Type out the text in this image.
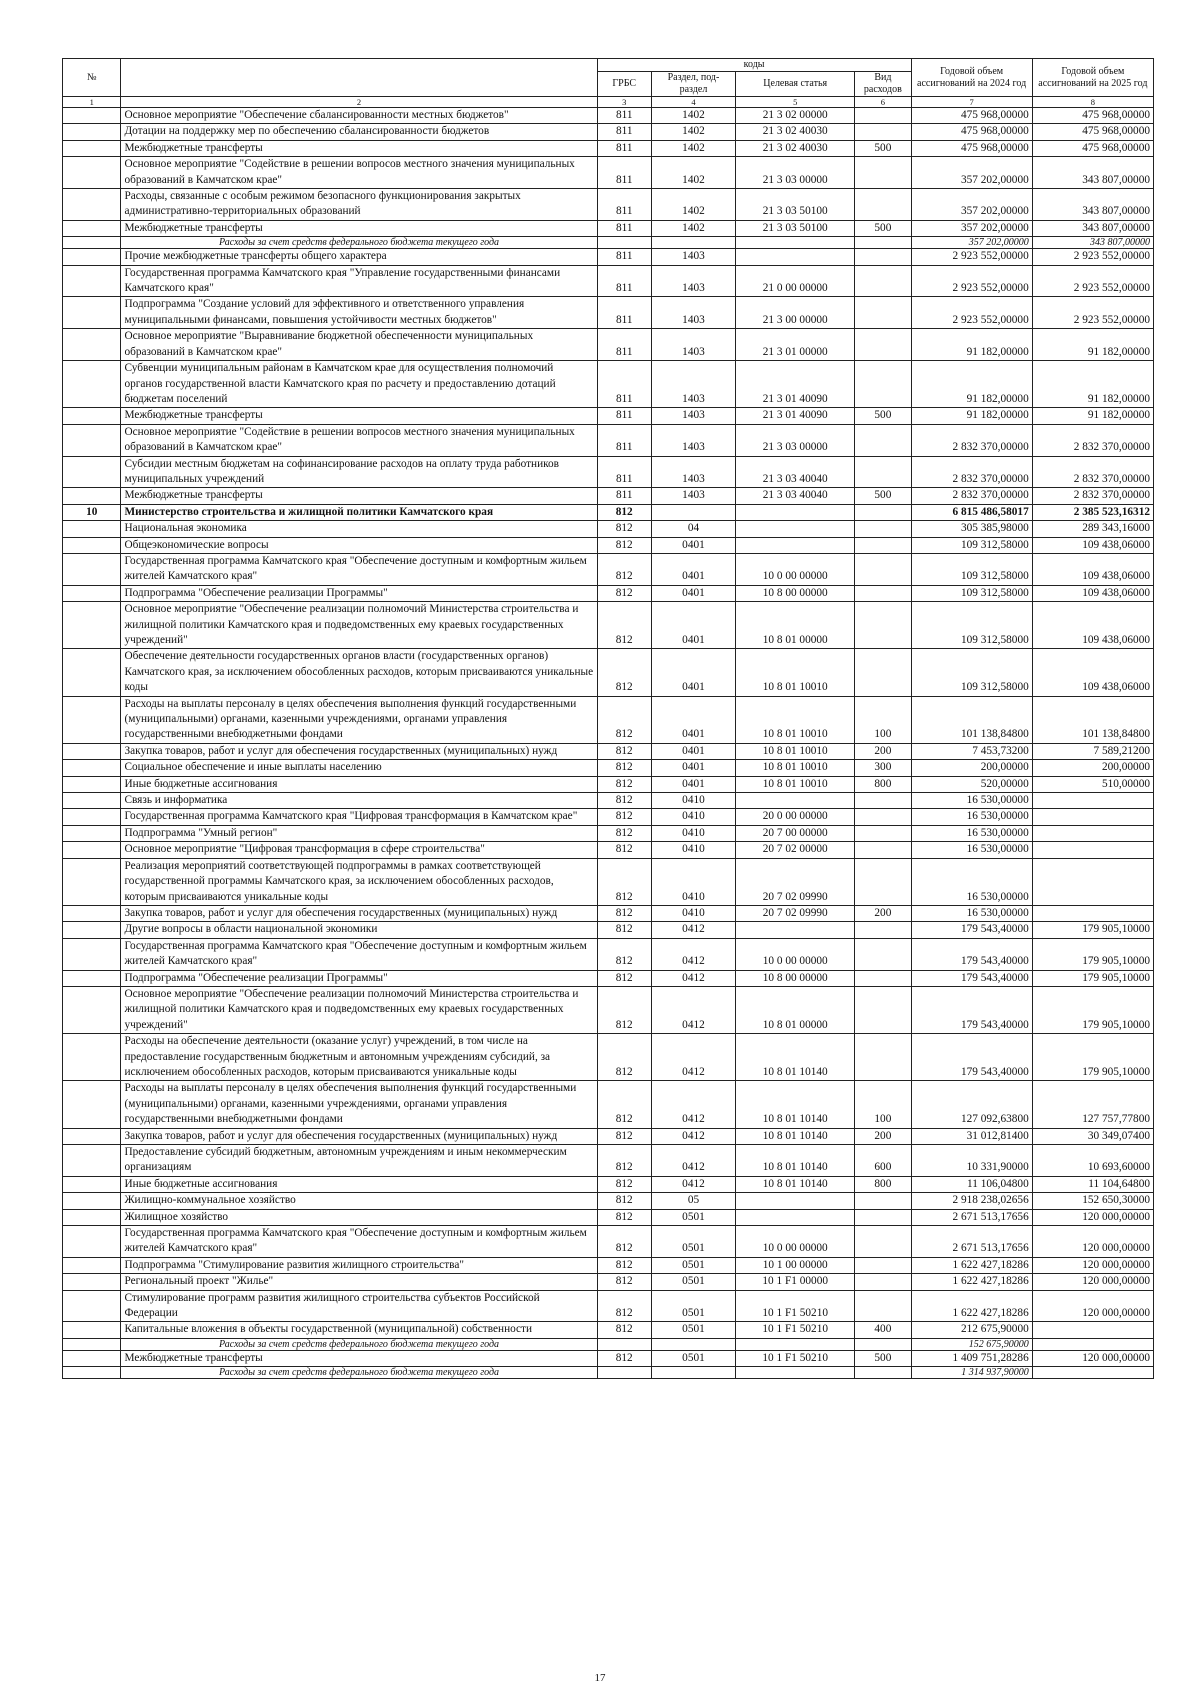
№		коды				Годовой объем ассигнований на 2024 год	Годовой объем ассигнований на 2025 год
		ГРБС	Раздел, под-раздел	Целевая статья	Вид расходов		
1	2	3	4	5	6	7	8
	Основное мероприятие "Обеспечение сбалансированности местных бюджетов"	811	1402	21 3 02 00000		475 968,00000	475 968,00000
	Дотации на поддержку мер по обеспечению сбалансированности бюджетов	811	1402	21 3 02 40030		475 968,00000	475 968,00000
	Межбюджетные трансферты	811	1402	21 3 02 40030	500	475 968,00000	475 968,00000
	Основное мероприятие "Содействие в решении вопросов местного значения муниципальных образований в Камчатском крае"	811	1402	21 3 03 00000		357 202,00000	343 807,00000
	Расходы, связанные с особым режимом безопасного функционирования закрытых административно-территориальных образований	811	1402	21 3 03 50100		357 202,00000	343 807,00000
	Межбюджетные трансферты	811	1402	21 3 03 50100	500	357 202,00000	343 807,00000
	Расходы за счет средств федерального бюджета текущего года					357 202,00000	343 807,00000
	Прочие межбюджетные трансферты общего характера	811	1403			2 923 552,00000	2 923 552,00000
	Государственная программа Камчатского края "Управление государственными финансами Камчатского края"	811	1403	21 0 00 00000		2 923 552,00000	2 923 552,00000
	Подпрограмма "Создание условий для эффективного и ответственного управления муниципальными финансами, повышения устойчивости местных бюджетов"	811	1403	21 3 00 00000		2 923 552,00000	2 923 552,00000
	Основное мероприятие "Выравнивание бюджетной обеспеченности муниципальных образований в Камчатском крае"	811	1403	21 3 01 00000		91 182,00000	91 182,00000
	Субвенции муниципальным районам в Камчатском крае для осуществления полномочий органов государственной власти Камчатского края по расчету и предоставлению дотаций бюджетам поселений	811	1403	21 3 01 40090		91 182,00000	91 182,00000
	Межбюджетные трансферты	811	1403	21 3 01 40090	500	91 182,00000	91 182,00000
	Основное мероприятие "Содействие в решении вопросов местного значения муниципальных образований в Камчатском крае"	811	1403	21 3 03 00000		2 832 370,00000	2 832 370,00000
	Субсидии местным бюджетам на софинансирование расходов на оплату труда работников муниципальных учреждений	811	1403	21 3 03 40040		2 832 370,00000	2 832 370,00000
	Межбюджетные трансферты	811	1403	21 3 03 40040	500	2 832 370,00000	2 832 370,00000
10	Министерство строительства и жилищной политики Камчатского края	812				6 815 486,58017	2 385 523,16312
	Национальная экономика	812	04			305 385,98000	289 343,16000
	Общеэкономические вопросы	812	0401			109 312,58000	109 438,06000
	Государственная программа Камчатского края "Обеспечение доступным и комфортным жильем жителей Камчатского края"	812	0401	10 0 00 00000		109 312,58000	109 438,06000
	Подпрограмма "Обеспечение реализации Программы"	812	0401	10 8 00 00000		109 312,58000	109 438,06000
	Основное мероприятие "Обеспечение реализации полномочий Министерства строительства и жилищной политики Камчатского края и подведомственных ему краевых государственных учреждений"	812	0401	10 8 01 00000		109 312,58000	109 438,06000
	Обеспечение деятельности государственных органов власти (государственных органов) Камчатского края, за исключением обособленных расходов, которым присваиваются уникальные коды	812	0401	10 8 01 10010		109 312,58000	109 438,06000
	Расходы на выплаты персоналу в целях обеспечения выполнения функций государственными (муниципальными) органами, казенными учреждениями, органами управления государственными внебюджетными фондами	812	0401	10 8 01 10010	100	101 138,84800	101 138,84800
	Закупка товаров, работ и услуг для обеспечения государственных (муниципальных) нужд	812	0401	10 8 01 10010	200	7 453,73200	7 589,21200
	Социальное обеспечение и иные выплаты населению	812	0401	10 8 01 10010	300	200,00000	200,00000
	Иные бюджетные ассигнования	812	0401	10 8 01 10010	800	520,00000	510,00000
	Связь и информатика	812	0410			16 530,00000	
	Государственная программа Камчатского края "Цифровая трансформация в Камчатском крае"	812	0410	20 0 00 00000		16 530,00000	
	Подпрограмма "Умный регион"	812	0410	20 7 00 00000		16 530,00000	
	Основное мероприятие "Цифровая трансформация в сфере строительства"	812	0410	20 7 02 00000		16 530,00000	
	Реализация мероприятий соответствующей подпрограммы в рамках соответствующей государственной программы Камчатского края, за исключением обособленных расходов, которым присваиваются уникальные коды	812	0410	20 7 02 09990		16 530,00000	
	Закупка товаров, работ и услуг для обеспечения государственных (муниципальных) нужд	812	0410	20 7 02 09990	200	16 530,00000	
	Другие вопросы в области национальной экономики	812	0412			179 543,40000	179 905,10000
	Государственная программа Камчатского края "Обеспечение доступным и комфортным жильем жителей Камчатского края"	812	0412	10 0 00 00000		179 543,40000	179 905,10000
	Подпрограмма "Обеспечение реализации Программы"	812	0412	10 8 00 00000		179 543,40000	179 905,10000
	Основное мероприятие "Обеспечение реализации полномочий Министерства строительства и жилищной политики Камчатского края и подведомственных ему краевых государственных учреждений"	812	0412	10 8 01 00000		179 543,40000	179 905,10000
	Расходы на обеспечение деятельности (оказание услуг) учреждений, в том числе на предоставление государственным бюджетным и автономным учреждениям субсидий, за исключением обособленных расходов, которым присваиваются уникальные коды	812	0412	10 8 01 10140		179 543,40000	179 905,10000
	Расходы на выплаты персоналу в целях обеспечения выполнения функций государственными (муниципальными) органами, казенными учреждениями, органами управления государственными внебюджетными фондами	812	0412	10 8 01 10140	100	127 092,63800	127 757,77800
	Закупка товаров, работ и услуг для обеспечения государственных (муниципальных) нужд	812	0412	10 8 01 10140	200	31 012,81400	30 349,07400
	Предоставление субсидий бюджетным, автономным учреждениям и иным некоммерческим организациям	812	0412	10 8 01 10140	600	10 331,90000	10 693,60000
	Иные бюджетные ассигнования	812	0412	10 8 01 10140	800	11 106,04800	11 104,64800
	Жилищно-коммунальное хозяйство	812	05			2 918 238,02656	152 650,30000
	Жилищное хозяйство	812	0501			2 671 513,17656	120 000,00000
	Государственная программа Камчатского края "Обеспечение доступным и комфортным жильем жителей Камчатского края"	812	0501	10 0 00 00000		2 671 513,17656	120 000,00000
	Подпрограмма "Стимулирование развития жилищного строительства"	812	0501	10 1 00 00000		1 622 427,18286	120 000,00000
	Региональный проект "Жилье"	812	0501	10 1 F1 00000		1 622 427,18286	120 000,00000
	Стимулирование программ развития жилищного строительства субъектов Российской Федерации	812	0501	10 1 F1 50210		1 622 427,18286	120 000,00000
	Капитальные вложения в объекты государственной (муниципальной) собственности	812	0501	10 1 F1 50210	400	212 675,90000	
	Расходы за счет средств федерального бюджета текущего года					152 675,90000	
	Межбюджетные трансферты	812	0501	10 1 F1 50210	500	1 409 751,28286	120 000,00000
	Расходы за счет средств федерального бюджета текущего года					1 314 937,90000	
17
